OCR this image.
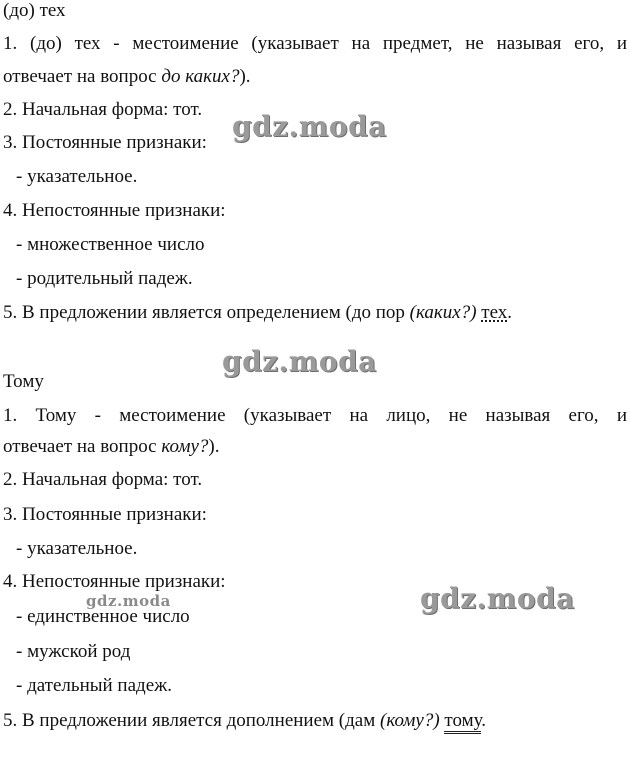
(до) тех
1. (до) тех - местоимение (указывает на предмет, не называя его, и
отвечает на вопрос до каких?).
2. Начальная форма: тот.
3. Постоянные признаки:
- указательное.
4. Непостоянные признаки:
- множественное число
- родительный падеж.
5. В предложении является определением (до пор (каких?) тех.
Тому
1. Тому - местоимение (указывает на лицо, не называя его, и
отвечает на вопрос кому?).
2. Начальная форма: тот.
3. Постоянные признаки:
- указательное.
4. Непостоянные признаки:
- единственное число
- мужской род
- дательный падеж.
5. В предложении является дополнением (дам (кому?) тому.
gdz.moda
gdz.moda
gdz.moda
gdz.moda
